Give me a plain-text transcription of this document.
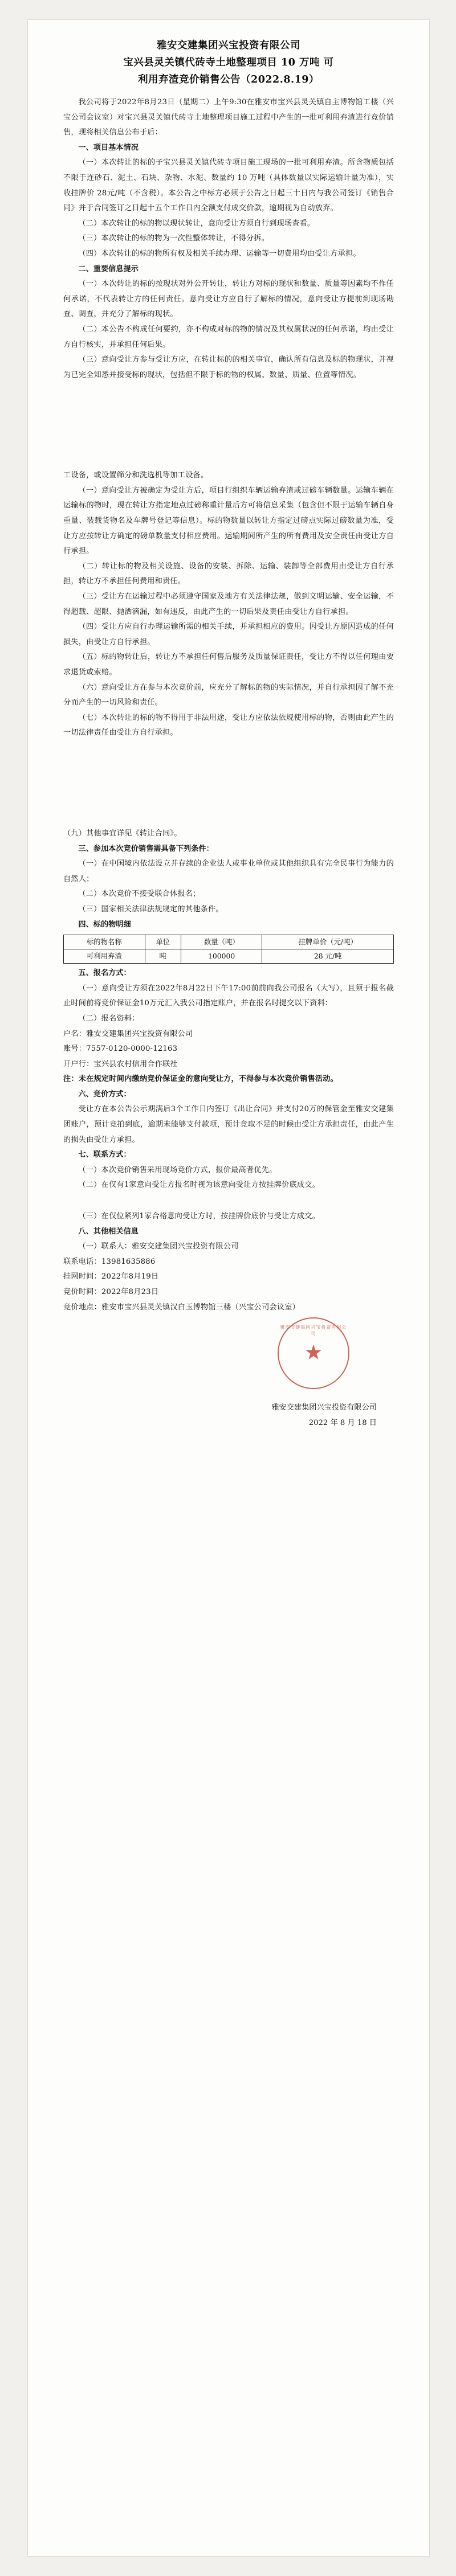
雅安交建集团兴宝投资有限公司
宝兴县灵关镇代砖寺土地整理项目 10 万吨 可
利用弃渣竞价销售公告（2022.8.19）

我公司将于2022年8月23日（星期二）上午9:30在雅安市宝兴县灵关镇自主博物馆工楼（兴宝公司会议室）对宝兴县灵关镇代砖寺土地整理项目施工过程中产生的一批可利用弃渣进行竞价销售，现将相关信息公布于后：

一、项目基本情况

（一）本次转让的标的子宝兴县灵关镇代砖寺项目施工现场的一批可利用弃渣。所含物质包括不限于连砂石、泥土、石块、杂物、水泥、数量约 10 万吨（具体数量以实际运输计量为准），实收挂牌价 28元/吨（不含税）。本公告之中标方必须于公告之日起三十日内与我公司签订《销售合同》并于合同签订之日起十五个工作日内全额支付成交价款，逾期视为自动放弃。

（二）本次转让的标的物以现状转让，意向受让方须自行到现场查看。

（三）本次转让的标的物为一次性整体转让，不得分拆。

（四）本次转让的标的物所有权及相关手续办理、运输等一切费用均由受让方承担。

二、重要信息提示

（一）本次转让的标的按现状对外公开转让，转让方对标的现状和数量、质量等因素均不作任何承诺，不代表转让方的任何责任。意向受让方应自行了解标的情况，意向受让方提前到现场勘查、调查，并充分了解标的现状。

（二）本公告不构成任何要约，亦不构成对标的物的情况及其权属状况的任何承诺，均由受让方自行核实，并承担任何后果。

（三）意向受让方参与受让方应，在转让标的的相关事宜，确认所有信息及标的物现状，并视为已完全知悉并接受标的现状，包括但不限于标的物的权属、数量、质量、位置等情况。

工设备，或设置筛分和洗选机等加工设备。

（一）意向受让方被确定为受让方后，项目行组织车辆运输弃渣或过磅车辆数量。运输车辆在运输标的物时，现在转让方指定地点过磅称重计量后方可将信息采集（包含但不限于运输车辆自身重量、装载货物名及车牌号登记等信息）。标的物数量以转让方指定过磅点实际过磅数量为准，受让方应按转让方确定的磅单数量支付相应费用。运输期间所产生的所有费用及安全责任由受让方自行承担。

（二）转让标的物及相关设施、设备的安装、拆除、运输、装卸等全部费用由受让方自行承担，转让方不承担任何费用和责任。

（三）受让方在运输过程中必须遵守国家及地方有关法律法规，做到文明运输、安全运输，不得超载、超限、抛洒滴漏，如有违反，由此产生的一切后果及责任由受让方自行承担。

（四）受让方应自行办理运输所需的相关手续，并承担相应的费用。因受让方原因造成的任何损失，由受让方自行承担。

（五）标的物转让后，转让方不承担任何售后服务及质量保证责任，受让方不得以任何理由要求退货或索赔。

（六）意向受让方在参与本次竞价前，应充分了解标的物的实际情况，并自行承担因了解不充分而产生的一切风险和责任。

（七）本次转让的标的物不得用于非法用途，受让方应依法依规使用标的物，否则由此产生的一切法律责任由受让方自行承担。

（九）其他事宜详见《转让合同》。

三、参加本次竞价销售需具备下列条件：

（一）在中国境内依法设立并存续的企业法人或事业单位或其他组织具有完全民事行为能力的自然人；

（二）本次竞价不接受联合体报名；

（三）国家相关法律法规规定的其他条件。

四、标的物明细

标的物名称	单位	数量（吨）	挂牌单价（元/吨）
可利用弃渣	吨	100000	28 元/吨

五、报名方式：

（一）意向受让方须在2022年8月22日下午17:00前前向我公司报名（大写），且须于报名截止时间前将竞价保证金10万元汇入我公司指定账户，并在报名时提交以下资料：

（二）报名资料：

户名：雅安交建集团兴宝投资有限公司

账号：7557-0120-0000-12163

开户行：宝兴县农村信用合作联社

注：未在规定时间内缴纳竞价保证金的意向受让方，不得参与本次竞价销售活动。

六、竞价方式：

受让方在本公告公示期满后3个工作日内签订《出让合同》并支付20万的保管金至雅安交建集团账户，预计竞拍到底，逾期未能够支付款项，预计竞取不足的时候由受让方承担责任，由此产生的损失由受让方承担。

七、联系方式：

（一）本次竞价销售采用现场竞价方式，报价最高者优先。

（二）在仅有1家意向受让方报名时视为该意向受让方按挂牌价底成交。

（三）在仅位紧列1家合格意向受让方时，按挂牌价底价与受让方成交。

八、其他相关信息

（一）联系人：雅安交建集团兴宝投资有限公司

联系电话：13981635886

挂网时间：2022年8月19日

竞价时间：2022年8月23日

竞价地点：雅安市宝兴县灵关镇汉白玉博物馆三楼（兴宝公司会议室）

雅安交建集团兴宝投资有限公司
★
雅安交建集团兴宝投资有限公司
2022 年 8 月 18 日
